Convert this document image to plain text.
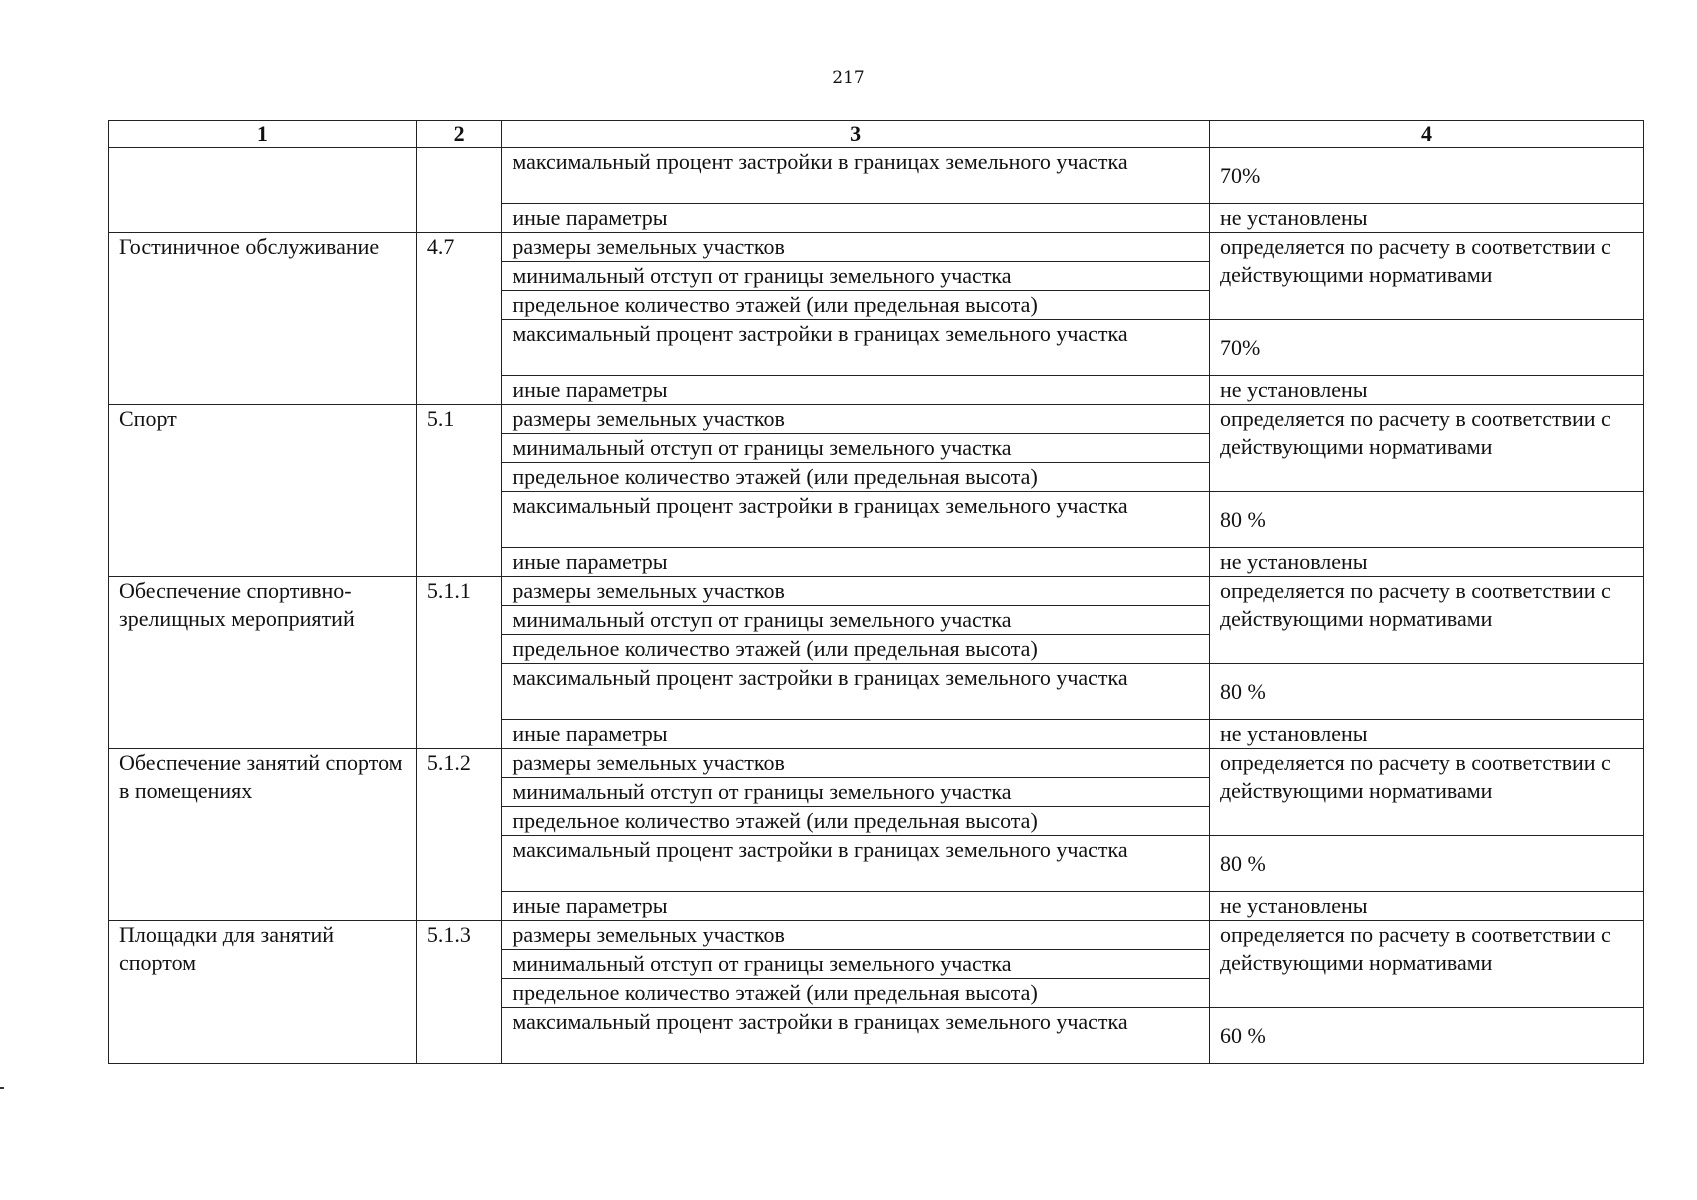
217
1	2	3	4
		максимальный процент застройки в границах земельного участка	70%
		иные параметры	не установлены
Гостиничное обслуживание	4.7	размеры земельных участков	определяется по расчету в соответствии с действующими нормативами
		минимальный отступ от границы земельного участка	
		предельное количество этажей (или предельная высота)	
		максимальный процент застройки в границах земельного участка	70%
		иные параметры	не установлены
Спорт	5.1	размеры земельных участков	определяется по расчету в соответствии с действующими нормативами
		минимальный отступ от границы земельного участка	
		предельное количество этажей (или предельная высота)	
		максимальный процент застройки в границах земельного участка	80 %
		иные параметры	не установлены
Обеспечение спортивно-зрелищных мероприятий	5.1.1	размеры земельных участков	определяется по расчету в соответствии с действующими нормативами
		минимальный отступ от границы земельного участка	
		предельное количество этажей (или предельная высота)	
		максимальный процент застройки в границах земельного участка	80 %
		иные параметры	не установлены
Обеспечение занятий спортом в помещениях	5.1.2	размеры земельных участков	определяется по расчету в соответствии с действующими нормативами
		минимальный отступ от границы земельного участка	
		предельное количество этажей (или предельная высота)	
		максимальный процент застройки в границах земельного участка	80 %
		иные параметры	не установлены
Площадки для занятий спортом	5.1.3	размеры земельных участков	определяется по расчету в соответствии с действующими нормативами
		минимальный отступ от границы земельного участка	
		предельное количество этажей (или предельная высота)	
		максимальный процент застройки в границах земельного участка	60 %
